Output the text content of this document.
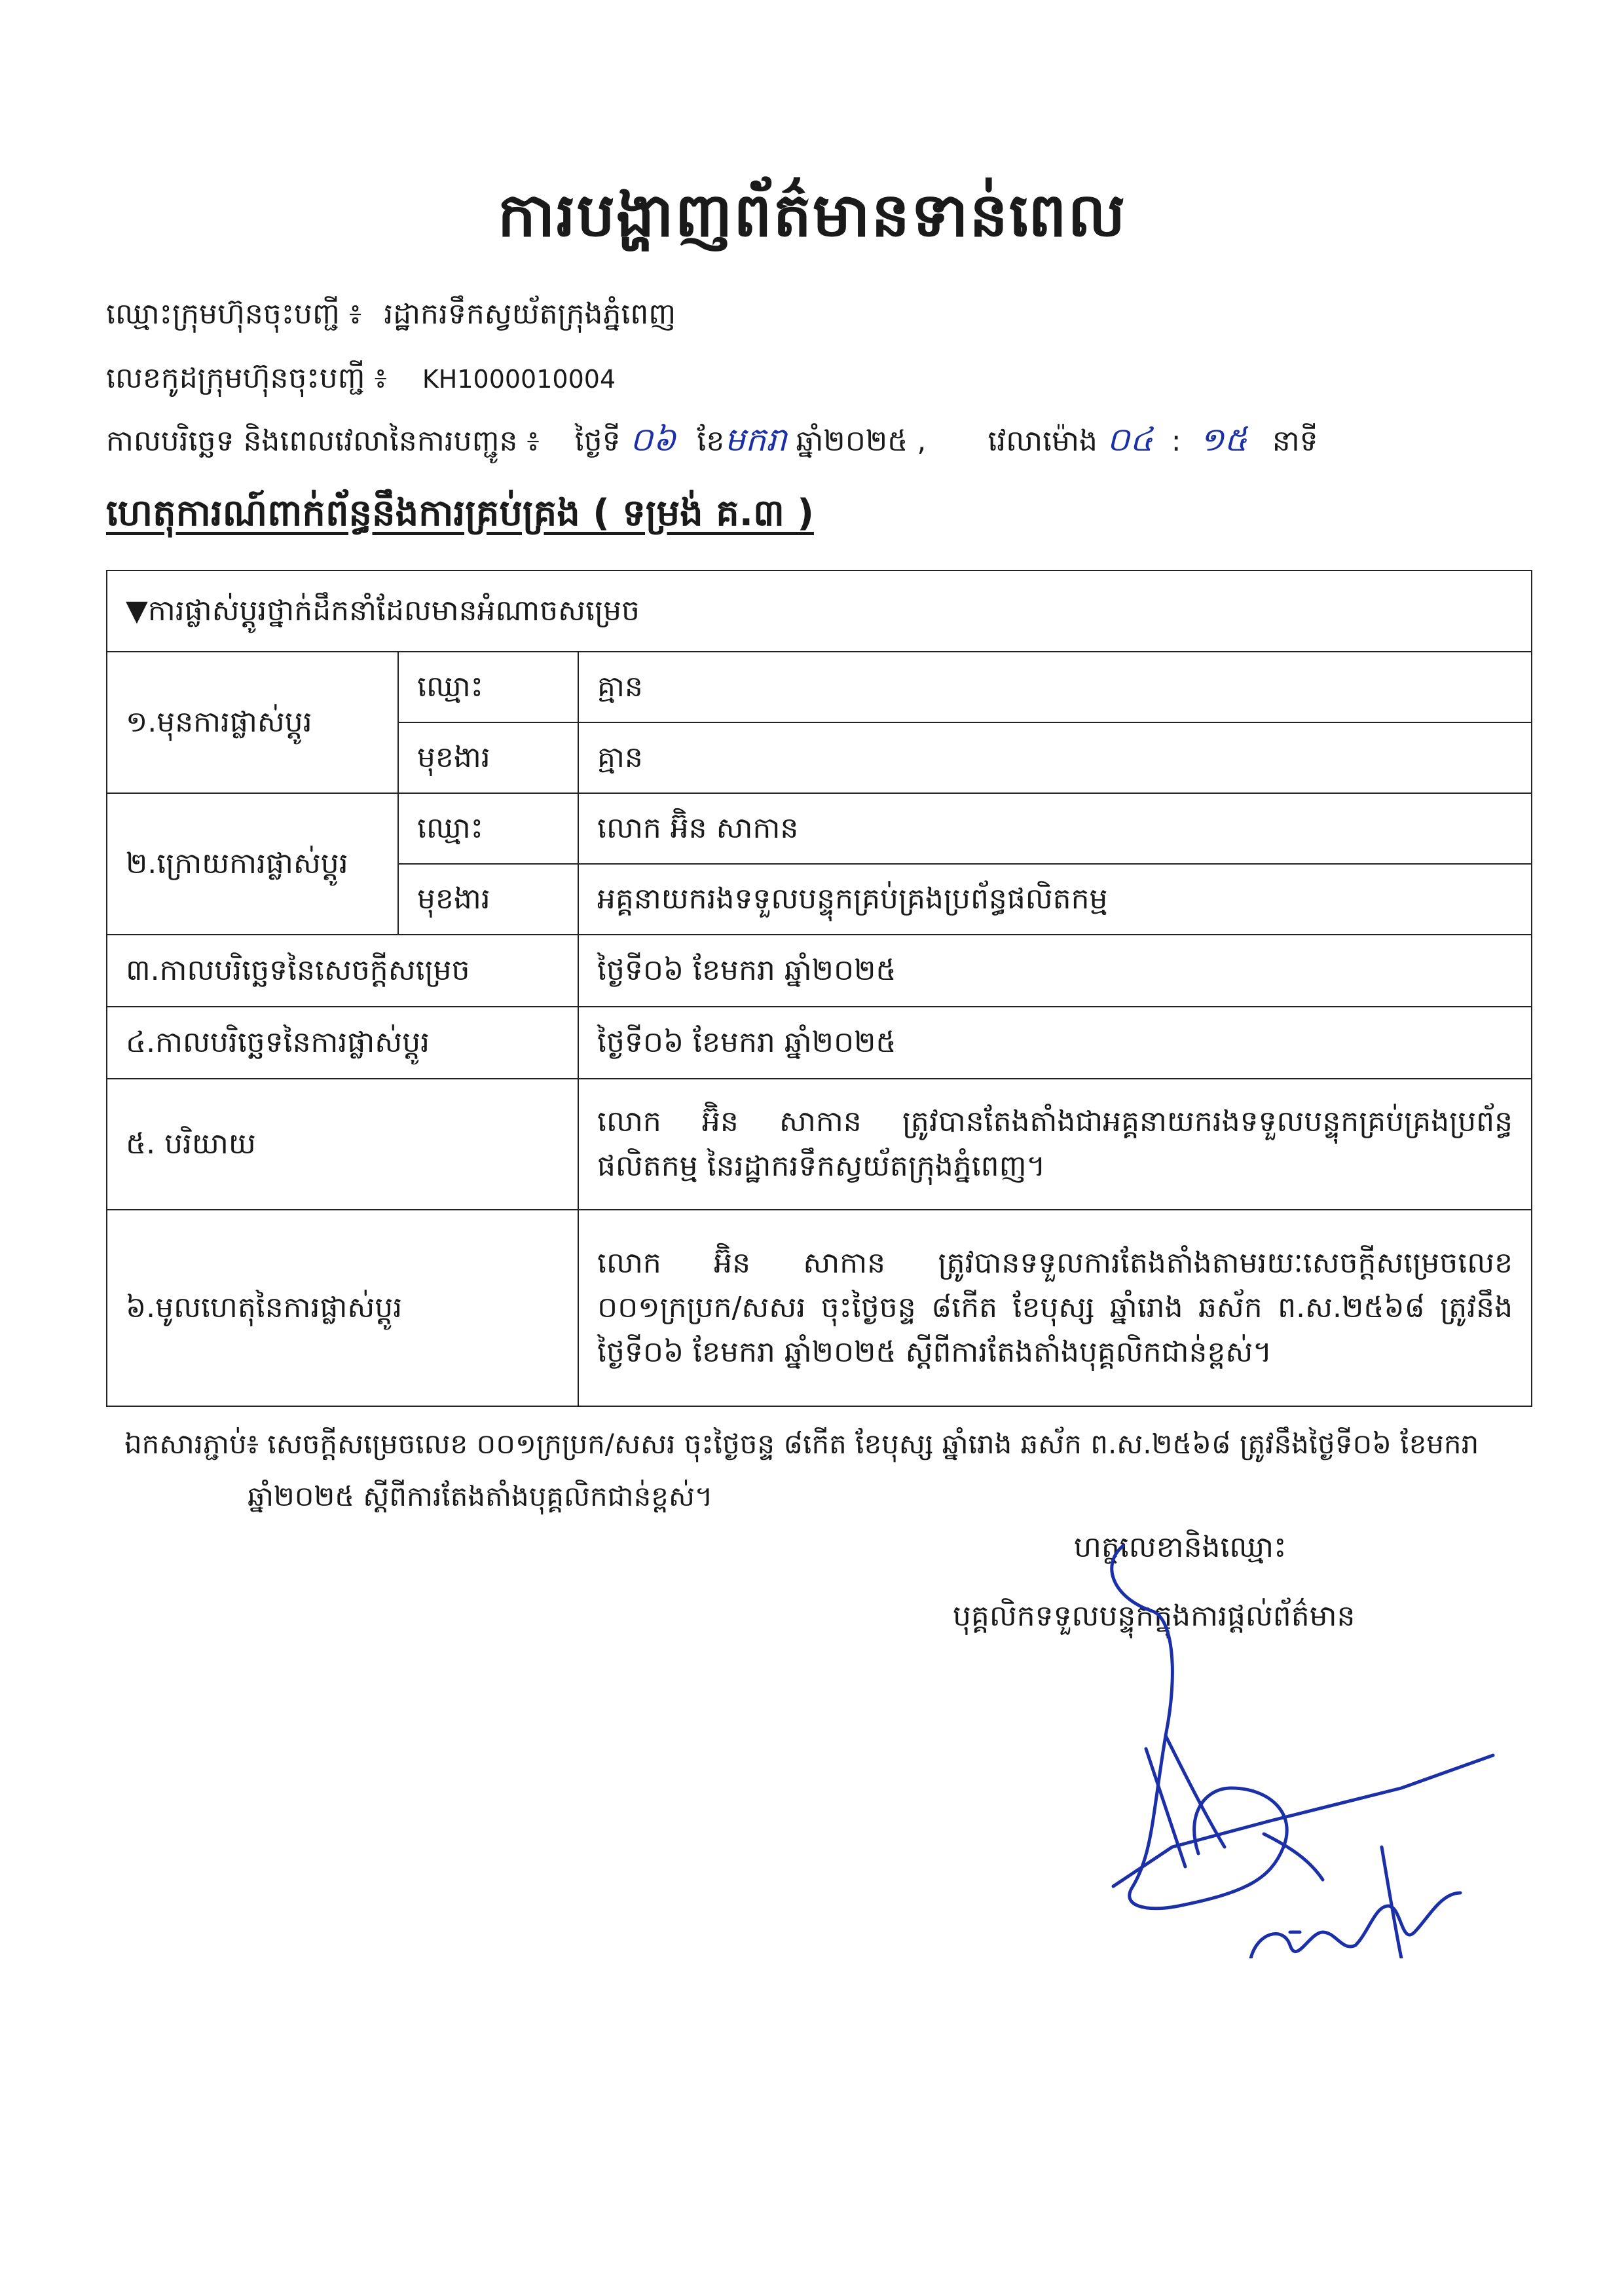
ការបង្ហាញព័ត៌មានទាន់ពេល
ឈ្មោះក្រុមហ៊ុនចុះបញ្ជី ៖ រដ្ឋាករទឹកស្វយ័តក្រុងភ្នំពេញ
លេខកូដក្រុមហ៊ុនចុះបញ្ជី ៖ KH1000010004
កាលបរិច្ឆេទ និងពេលវេលានៃការបញ្ជូន ៖ ថ្ងៃទី ០៦ ខែមករា ឆ្នាំ២០២៥ , វេលាម៉ោង ០៤ : ១៥ នាទី
ហេតុការណ៍ពាក់ព័ន្ធនឹងការគ្រប់គ្រង ( ទម្រង់ គ.៣ )
▼ការផ្លាស់ប្តូរថ្នាក់ដឹកនាំដែលមានអំណាចសម្រេច		
១.មុនការផ្លាស់ប្តូរ	ឈ្មោះ	គ្មាន
	មុខងារ	គ្មាន
២.ក្រោយការផ្លាស់ប្តូរ	ឈ្មោះ	លោក អ៊ិន សាកាន
	មុខងារ	អគ្គនាយករងទទួលបន្ទុកគ្រប់គ្រងប្រព័ន្ធផលិតកម្ម
៣.កាលបរិច្ឆេទនៃសេចក្តីសម្រេច		ថ្ងៃទី០៦ ខែមករា ឆ្នាំ២០២៥
៤.កាលបរិច្ឆេទនៃការផ្លាស់ប្តូរ		ថ្ងៃទី០៦ ខែមករា ឆ្នាំ២០២៥
៥. បរិយាយ		លោក អ៊ិន សាកាន ត្រូវបានតែងតាំងជាអគ្គនាយករងទទួលបន្ទុកគ្រប់គ្រងប្រព័ន្ធផលិតកម្ម នៃរដ្ឋាករទឹកស្វយ័តក្រុងភ្នំពេញ។
៦.មូលហេតុនៃការផ្លាស់ប្តូរ		លោក អ៊ិន សាកាន ត្រូវបានទទួលការតែងតាំងតាមរយៈសេចក្តីសម្រេចលេខ ០០១ក្រប្រក/សសរ ចុះថ្ងៃចន្ទ ៨កើត ខែបុស្ស ឆ្នាំរោង ឆស័ក ព.ស.២៥៦៨ ត្រូវនឹងថ្ងៃទី០៦ ខែមករា ឆ្នាំ២០២៥ ស្តីពីការតែងតាំងបុគ្គលិកជាន់ខ្ពស់។
ឯកសារភ្ជាប់៖ សេចក្តីសម្រេចលេខ ០០១ក្រប្រក/សសរ ចុះថ្ងៃចន្ទ ៨កើត ខែបុស្ស ឆ្នាំរោង ឆស័ក ព.ស.២៥៦៨ ត្រូវនឹងថ្ងៃទី០៦ ខែមករា
ឆ្នាំ២០២៥ ស្តីពីការតែងតាំងបុគ្គលិកជាន់ខ្ពស់។
ហត្ថលេខានិងឈ្មោះ
បុគ្គលិកទទួលបន្ទុកក្នុងការផ្តល់ព័ត៌មាន
